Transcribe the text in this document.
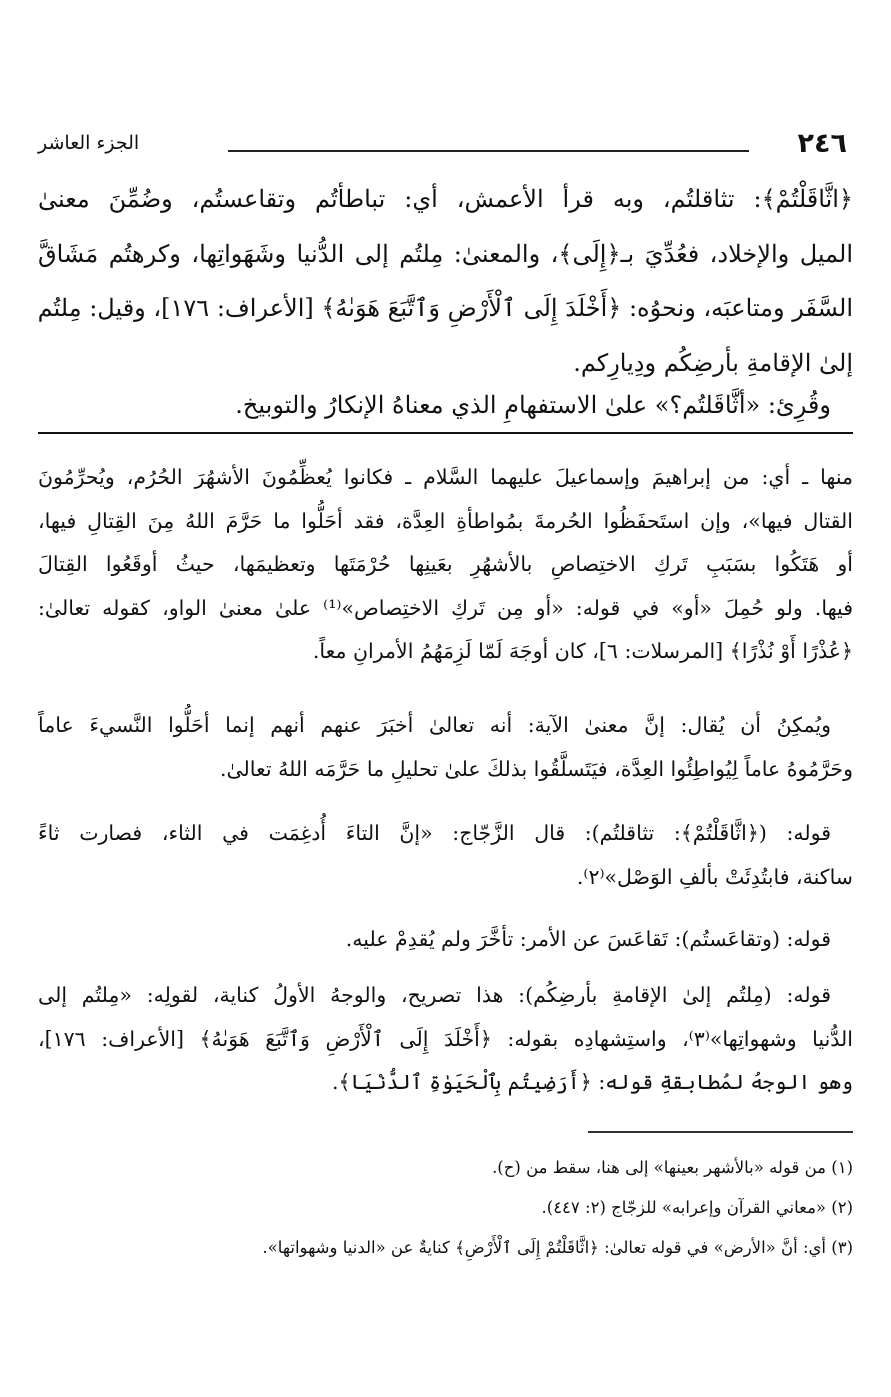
٢٤٦
الجزء العاشر
﴿اثَّاقَلْتُمْ﴾: تثاقلتُم، وبه قرأ الأعمش، أي: تباطأتُم وتقاعستُم، وضُمِّنَ معنىٰ
الميل والإخلاد، فعُدِّيَ بـ﴿إِلَى﴾، والمعنىٰ: مِلتُم إلى الدُّنيا وشَهَواتِها، وكرهتُم مَشَاقَّ
السَّفَر ومتاعبَه، ونحوُه: ﴿أَخْلَدَ إِلَى ٱلْأَرْضِ وَٱتَّبَعَ هَوَىٰهُ﴾ [الأعراف: ١٧٦]، وقيل: مِلتُم
إلىٰ الإقامةِ بأرضِكُم ودِيارِكم.
وقُرِئ: «أثَّاقَلتُم؟» علىٰ الاستفهامِ الذي معناهُ الإنكارُ والتوبيخ.
منها ـ أي: من إبراهيمَ وإسماعيلَ عليهما السَّلام ـ فكانوا يُعظِّمُونَ الأشهُرَ الحُرُم، ويُحرِّمُونَ
القتال فيها»، وإن استَحفَظُوا الحُرمةَ بمُواطأةِ العِدَّة، فقد أحَلُّوا ما حَرَّمَ اللهُ مِنَ القِتالِ فيها،
أو هَتَكُوا بسَبَبِ تَركِ الاختِصاصِ بالأشهُرِ بعَينِها حُرْمَتَها وتعظيمَها، حيثُ أوقَعُوا القِتالَ
فيها. ولو حُمِلَ «أو» في قوله: «أو مِن تَركِ الاختِصاص»⁽¹⁾ علىٰ معنىٰ الواو، كقوله تعالىٰ:
﴿عُذْرًا أَوْ نُذْرًا﴾ [المرسلات: ٦]، كان أوجَهَ لَمّا لَزِمَهُمُ الأمرانِ معاً.
ويُمكِنُ أن يُقال: إنَّ معنىٰ الآية: أنه تعالىٰ أخبَرَ عنهم أنهم إنما أحَلُّوا النَّسيءَ عاماً
وحَرَّمُوهُ عاماً لِيُواطِئُوا العِدَّة، فيَتَسلَّقُوا بذلكَ علىٰ تحليلِ ما حَرَّمَه اللهُ تعالىٰ.
قوله: (﴿اثَّاقَلْتُمْ﴾: تثاقلتُم): قال الزَّجّاج: «إنَّ التاءَ أُدغِمَت في الثاء، فصارت ثاءً
ساكنة، فابتُدِئَتْ بألفِ الوَصْل»⁽٢⁾.
قوله: (وتقاعَستُم): تَقاعَسَ عن الأمر: تأخَّرَ ولم يُقدِمْ عليه.
قوله: (مِلتُم إلىٰ الإقامةِ بأرضِكُم): هذا تصريح، والوجهُ الأولُ كناية، لقولِه: «مِلتُم إلى
الدُّنيا وشهواتِها»⁽٣⁾، واستِشهادِه بقوله: ﴿أَخْلَدَ إِلَى ٱلْأَرْضِ وَٱتَّبَعَ هَوَىٰهُ﴾ [الأعراف: ١٧٦]،
وهو الوجهُ لمُطابقةِ قوله: ﴿أَرَضِيتُم بِٱلْحَيَوٰةِ ٱلدُّنْيَا﴾.
(١) من قوله «بالأشهر بعينها» إلى هنا، سقط من (ح).
(٢) «معاني القرآن وإعرابه» للزجّاج (٢: ٤٤٧).
(٣) أي: أنَّ «الأرض» في قوله تعالىٰ: ﴿اثَّاقَلْتُمْ إِلَى ٱلْأَرْضِ﴾ كنايةٌ عن «الدنيا وشهواتها».
